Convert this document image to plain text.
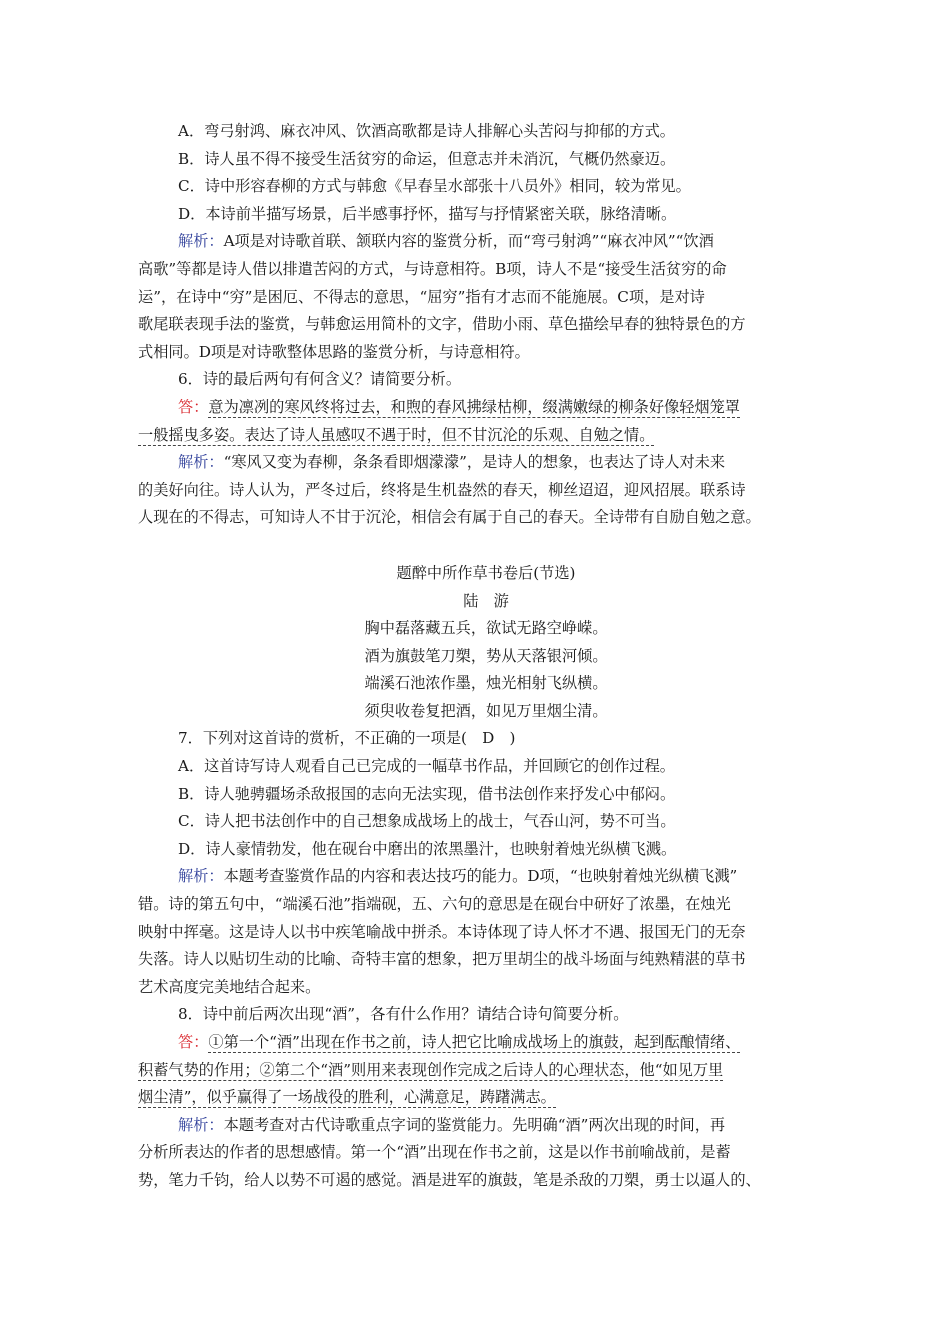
A．弯弓射鸿、麻衣冲风、饮酒高歌都是诗人排解心头苦闷与抑郁的方式。
B．诗人虽不得不接受生活贫穷的命运，但意志并未消沉，气概仍然豪迈。
C．诗中形容春柳的方式与韩愈《早春呈水部张十八员外》相同，较为常见。
D．本诗前半描写场景，后半感事抒怀，描写与抒情紧密关联，脉络清晰。
解析：A项是对诗歌首联、颔联内容的鉴赏分析，而“弯弓射鸿”“麻衣冲风”“饮酒
高歌”等都是诗人借以排遣苦闷的方式，与诗意相符。B项，诗人不是“接受生活贫穷的命
运”，在诗中“穷”是困厄、不得志的意思，“屈穷”指有才志而不能施展。C项，是对诗
歌尾联表现手法的鉴赏，与韩愈运用简朴的文字，借助小雨、草色描绘早春的独特景色的方
式相同。D项是对诗歌整体思路的鉴赏分析，与诗意相符。
6．诗的最后两句有何含义？请简要分析。
答：意为凛冽的寒风终将过去，和煦的春风拂绿枯柳，缀满嫩绿的柳条好像轻烟笼罩
一般摇曳多姿。表达了诗人虽感叹不遇于时，但不甘沉沦的乐观、自勉之情。
解析：“寒风又变为春柳，条条看即烟濛濛”，是诗人的想象，也表达了诗人对未来
的美好向往。诗人认为，严冬过后，终将是生机盎然的春天，柳丝迢迢，迎风招展。联系诗
人现在的不得志，可知诗人不甘于沉沦，相信会有属于自己的春天。全诗带有自励自勉之意。
题醉中所作草书卷后(节选)
陆　游
胸中磊落藏五兵，欲试无路空峥嵘。
酒为旗鼓笔刀槊，势从天落银河倾。
端溪石池浓作墨，烛光相射飞纵横。
须臾收卷复把酒，如见万里烟尘清。
7．下列对这首诗的赏析，不正确的一项是(　D　)
A．这首诗写诗人观看自己已完成的一幅草书作品，并回顾它的创作过程。
B．诗人驰骋疆场杀敌报国的志向无法实现，借书法创作来抒发心中郁闷。
C．诗人把书法创作中的自己想象成战场上的战士，气吞山河，势不可当。
D．诗人豪情勃发，他在砚台中磨出的浓黑墨汁，也映射着烛光纵横飞溅。
解析：本题考查鉴赏作品的内容和表达技巧的能力。D项，“也映射着烛光纵横飞溅”
错。诗的第五句中，“端溪石池”指端砚，五、六句的意思是在砚台中研好了浓墨，在烛光
映射中挥毫。这是诗人以书中疾笔喻战中拼杀。本诗体现了诗人怀才不遇、报国无门的无奈
失落。诗人以贴切生动的比喻、奇特丰富的想象，把万里胡尘的战斗场面与纯熟精湛的草书
艺术高度完美地结合起来。
8．诗中前后两次出现“酒”，各有什么作用？请结合诗句简要分析。
答：①第一个“酒”出现在作书之前，诗人把它比喻成战场上的旗鼓，起到酝酿情绪、
积蓄气势的作用；②第二个“酒”则用来表现创作完成之后诗人的心理状态，他“如见万里
烟尘清”，似乎赢得了一场战役的胜利，心满意足，踌躇满志。
解析：本题考查对古代诗歌重点字词的鉴赏能力。先明确“酒”两次出现的时间，再
分析所表达的作者的思想感情。第一个“酒”出现在作书之前，这是以作书前喻战前，是蓄
势，笔力千钧，给人以势不可遏的感觉。酒是进军的旗鼓，笔是杀敌的刀槊，勇士以逼人的、
